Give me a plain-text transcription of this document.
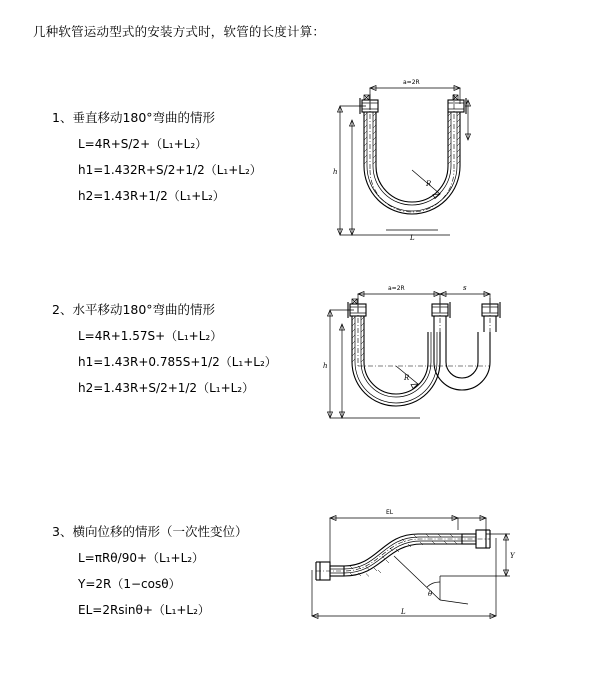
几种软管运动型式的安装方式时，软管的长度计算：
1、垂直移动180°弯曲的情形
L=4R+S/2+（L₁+L₂）
h1=1.432R+S/2+1/2（L₁+L₂）
h2=1.43R+1/2（L₁+L₂）
a=2R
h
R
L
2、水平移动180°弯曲的情形
L=4R+1.57S+（L₁+L₂）
h1=1.43R+0.785S+1/2（L₁+L₂）
h2=1.43R+S/2+1/2（L₁+L₂）
a=2R	s
h
R
3、横向位移的情形（一次性变位）
L=πRθ/90+（L₁+L₂）
Y=2R（1−cosθ）
EL=2Rsinθ+（L₁+L₂）
EL
L
Y
θ
